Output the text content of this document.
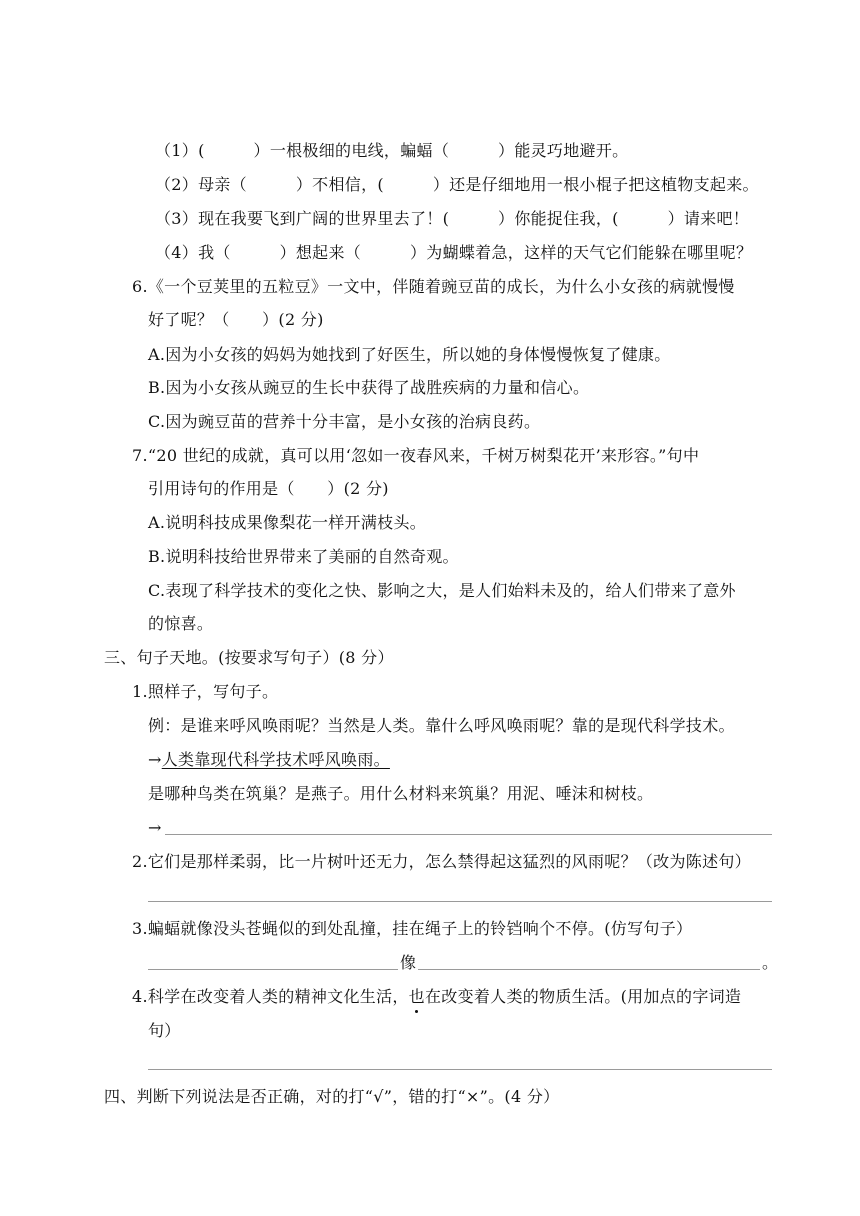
（1）(　　　）一根极细的电线，蝙蝠（　　　）能灵巧地避开。
（2）母亲（　　　）不相信，(　　　）还是仔细地用一根小棍子把这植物支起来。
（3）现在我要飞到广阔的世界里去了！(　　　）你能捉住我，(　　　）请来吧！
（4）我（　　　）想起来（　　　）为蝴蝶着急，这样的天气它们能躲在哪里呢？
6.《一个豆荚里的五粒豆》一文中，伴随着豌豆苗的成长，为什么小女孩的病就慢慢
好了呢？（　　）(2 分)
A.因为小女孩的妈妈为她找到了好医生，所以她的身体慢慢恢复了健康。
B.因为小女孩从豌豆的生长中获得了战胜疾病的力量和信心。
C.因为豌豆苗的营养十分丰富，是小女孩的治病良药。
7.“20 世纪的成就，真可以用‘忽如一夜春风来，千树万树梨花开’来形容。”句中
引用诗句的作用是（　　）(2 分)
A.说明科技成果像梨花一样开满枝头。
B.说明科技给世界带来了美丽的自然奇观。
C.表现了科学技术的变化之快、影响之大，是人们始料未及的，给人们带来了意外
的惊喜。
三、句子天地。(按要求写句子）(8 分）
1.照样子，写句子。
例：是谁来呼风唤雨呢？当然是人类。靠什么呼风唤雨呢？靠的是现代科学技术。
→人类靠现代科学技术呼风唤雨。
是哪种鸟类在筑巢？是燕子。用什么材料来筑巢？用泥、唾沫和树枝。
→
2.它们是那样柔弱，比一片树叶还无力，怎么禁得起这猛烈的风雨呢？（改为陈述句）
3.蝙蝠就像没头苍蝇似的到处乱撞，挂在绳子上的铃铛响个不停。(仿写句子）
像	。
4.科学在改变着人类的精神文化生活，也在改变着人类的物质生活。(用加点的字词造
句）
四、判断下列说法是否正确，对的打“√”，错的打“×”。(4 分）
